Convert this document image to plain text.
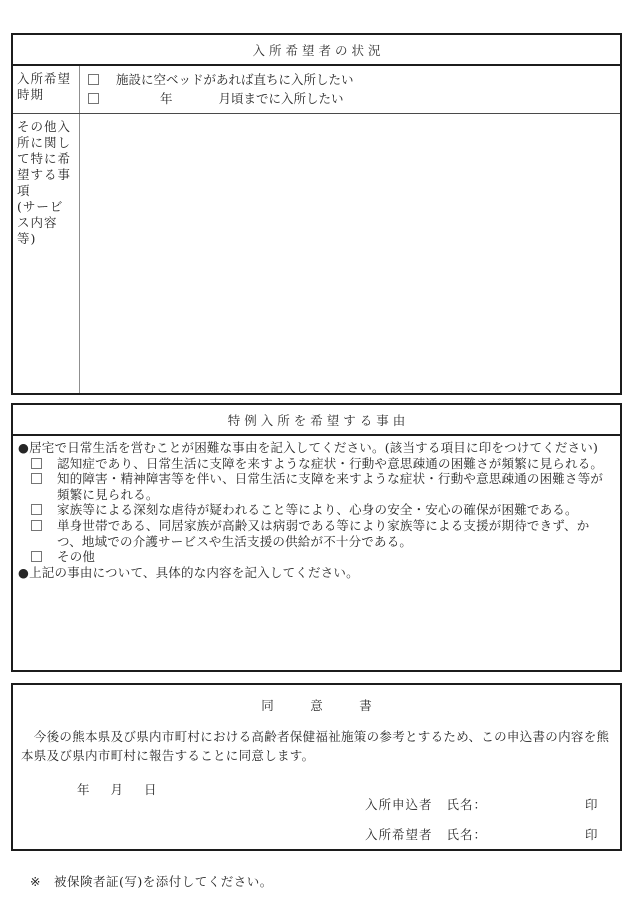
入所希望者の状況
入所希望時期
施設に空ベッドがあれば直ちに入所したい
年	月頃までに入所したい
その他入所に関して特に希望する事項
(サービス内容等)
特例入所を希望する事由
●居宅で日常生活を営むことが困難な事由を記入してください。(該当する項目に印をつけてください)
認知症であり、日常生活に支障を来すような症状・行動や意思疎通の困難さが頻繁に見られる。
知的障害・精神障害等を伴い、日常生活に支障を来すような症状・行動や意思疎通の困難さ等が頻繁に見られる。
家族等による深刻な虐待が疑われること等により、心身の安全・安心の確保が困難である。
単身世帯である、同居家族が高齢又は病弱である等により家族等による支援が期待できず、かつ、地域での介護サービスや生活支援の供給が不十分である。
その他
●上記の事由について、具体的な内容を記入してください。
同　意　書
　今後の熊本県及び県内市町村における高齢者保健福祉施策の参考とするため、この申込書の内容を熊本県及び県内市町村に報告することに同意します。
年 月 日
入所申込者 氏名：	印
入所希望者 氏名：	印
※ 被保険者証(写)を添付してください。
